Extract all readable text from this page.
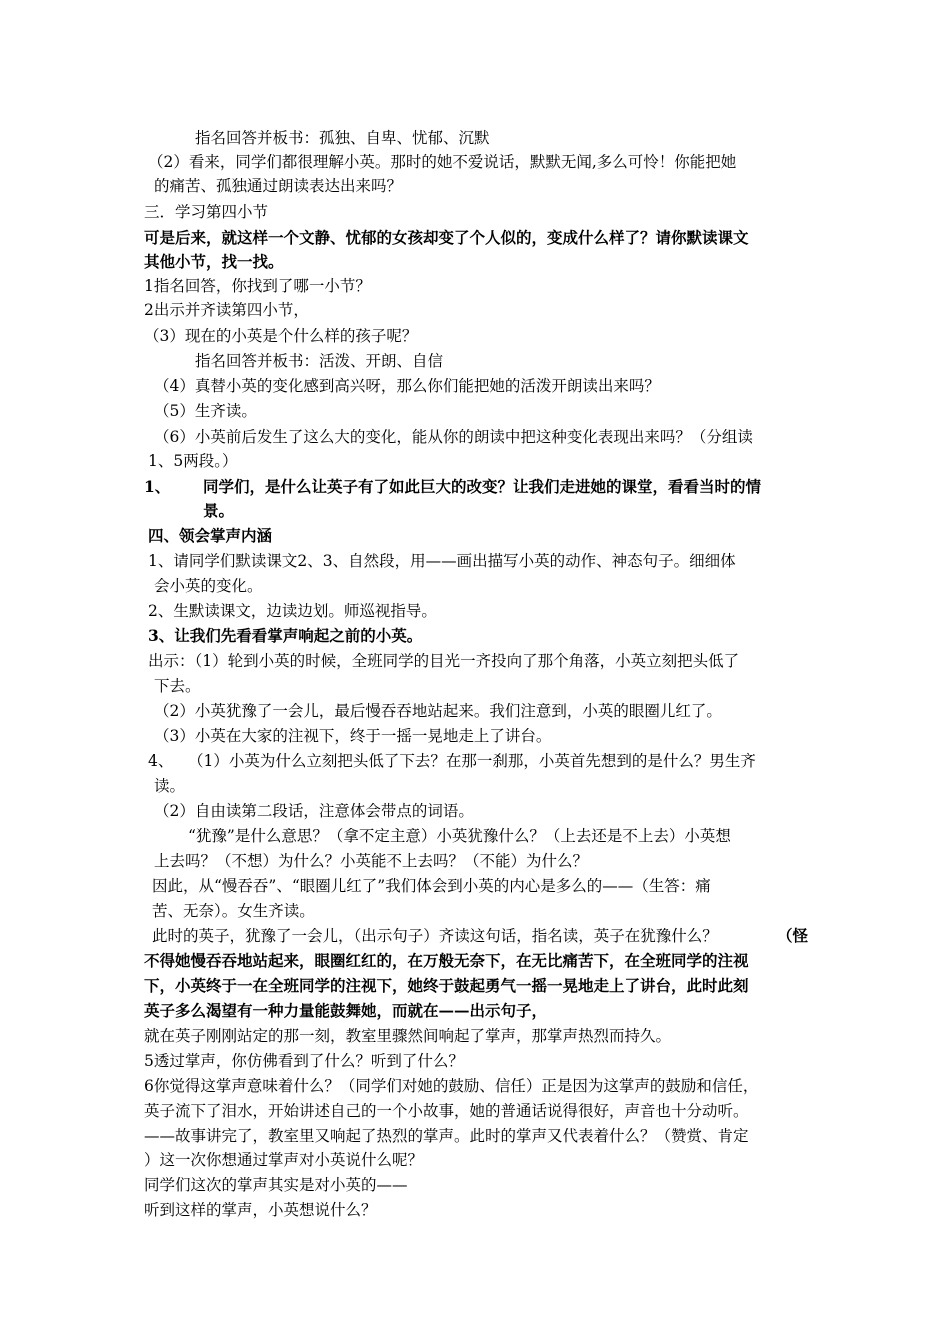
指名回答并板书：孤独、自卑、忧郁、沉默
（2）看来，同学们都很理解小英。那时的她不爱说话，默默无闻,多么可怜！你能把她
的痛苦、孤独通过朗读表达出来吗？
三．学习第四小节
可是后来，就这样一个文静、忧郁的女孩却变了个人似的，变成什么样了？请你默读课文
其他小节，找一找。
1指名回答，你找到了哪一小节？
2出示并齐读第四小节，
（3）现在的小英是个什么样的孩子呢？
指名回答并板书：活泼、开朗、自信
（4）真替小英的变化感到高兴呀，那么你们能把她的活泼开朗读出来吗？
（5）生齐读。
（6）小英前后发生了这么大的变化，能从你的朗读中把这种变化表现出来吗？（分组读
1、5两段。）
1、 同学们，是什么让英子有了如此巨大的改变？让我们走进她的课堂，看看当时的情
景。
四、领会掌声内涵
1、请同学们默读课文2、3、自然段，用——画出描写小英的动作、神态句子。细细体
会小英的变化。
2、生默读课文，边读边划。师巡视指导。
3、让我们先看看掌声响起之前的小英。
出示：（1）轮到小英的时候，全班同学的目光一齐投向了那个角落，小英立刻把头低了
下去。
（2）小英犹豫了一会儿，最后慢吞吞地站起来。我们注意到，小英的眼圈儿红了。
（3）小英在大家的注视下，终于一摇一晃地走上了讲台。
4、 （1）小英为什么立刻把头低了下去？在那一刹那，小英首先想到的是什么？男生齐
读。
（2）自由读第二段话，注意体会带点的词语。
“犹豫”是什么意思？（拿不定主意）小英犹豫什么？（上去还是不上去）小英想
上去吗？（不想）为什么？小英能不上去吗？（不能）为什么？
因此，从“慢吞吞”、“眼圈儿红了”我们体会到小英的内心是多么的——（生答：痛
苦、无奈）。女生齐读。
此时的英子，犹豫了一会儿，（出示句子）齐读这句话，指名读，英子在犹豫什么？	（怪
不得她慢吞吞地站起来，眼圈红红的，在万般无奈下，在无比痛苦下，在全班同学的注视
下，小英终于一在全班同学的注视下，她终于鼓起勇气一摇一晃地走上了讲台，此时此刻
英子多么渴望有一种力量能鼓舞她，而就在——出示句子，
就在英子刚刚站定的那一刻，教室里骤然间响起了掌声，那掌声热烈而持久。
5透过掌声，你仿佛看到了什么？听到了什么？
6你觉得这掌声意味着什么？（同学们对她的鼓励、信任）正是因为这掌声的鼓励和信任，
英子流下了泪水，开始讲述自己的一个小故事，她的普通话说得很好，声音也十分动听。
——故事讲完了，教室里又响起了热烈的掌声。此时的掌声又代表着什么？（赞赏、肯定
）这一次你想通过掌声对小英说什么呢？
同学们这次的掌声其实是对小英的——
听到这样的掌声，小英想说什么？
